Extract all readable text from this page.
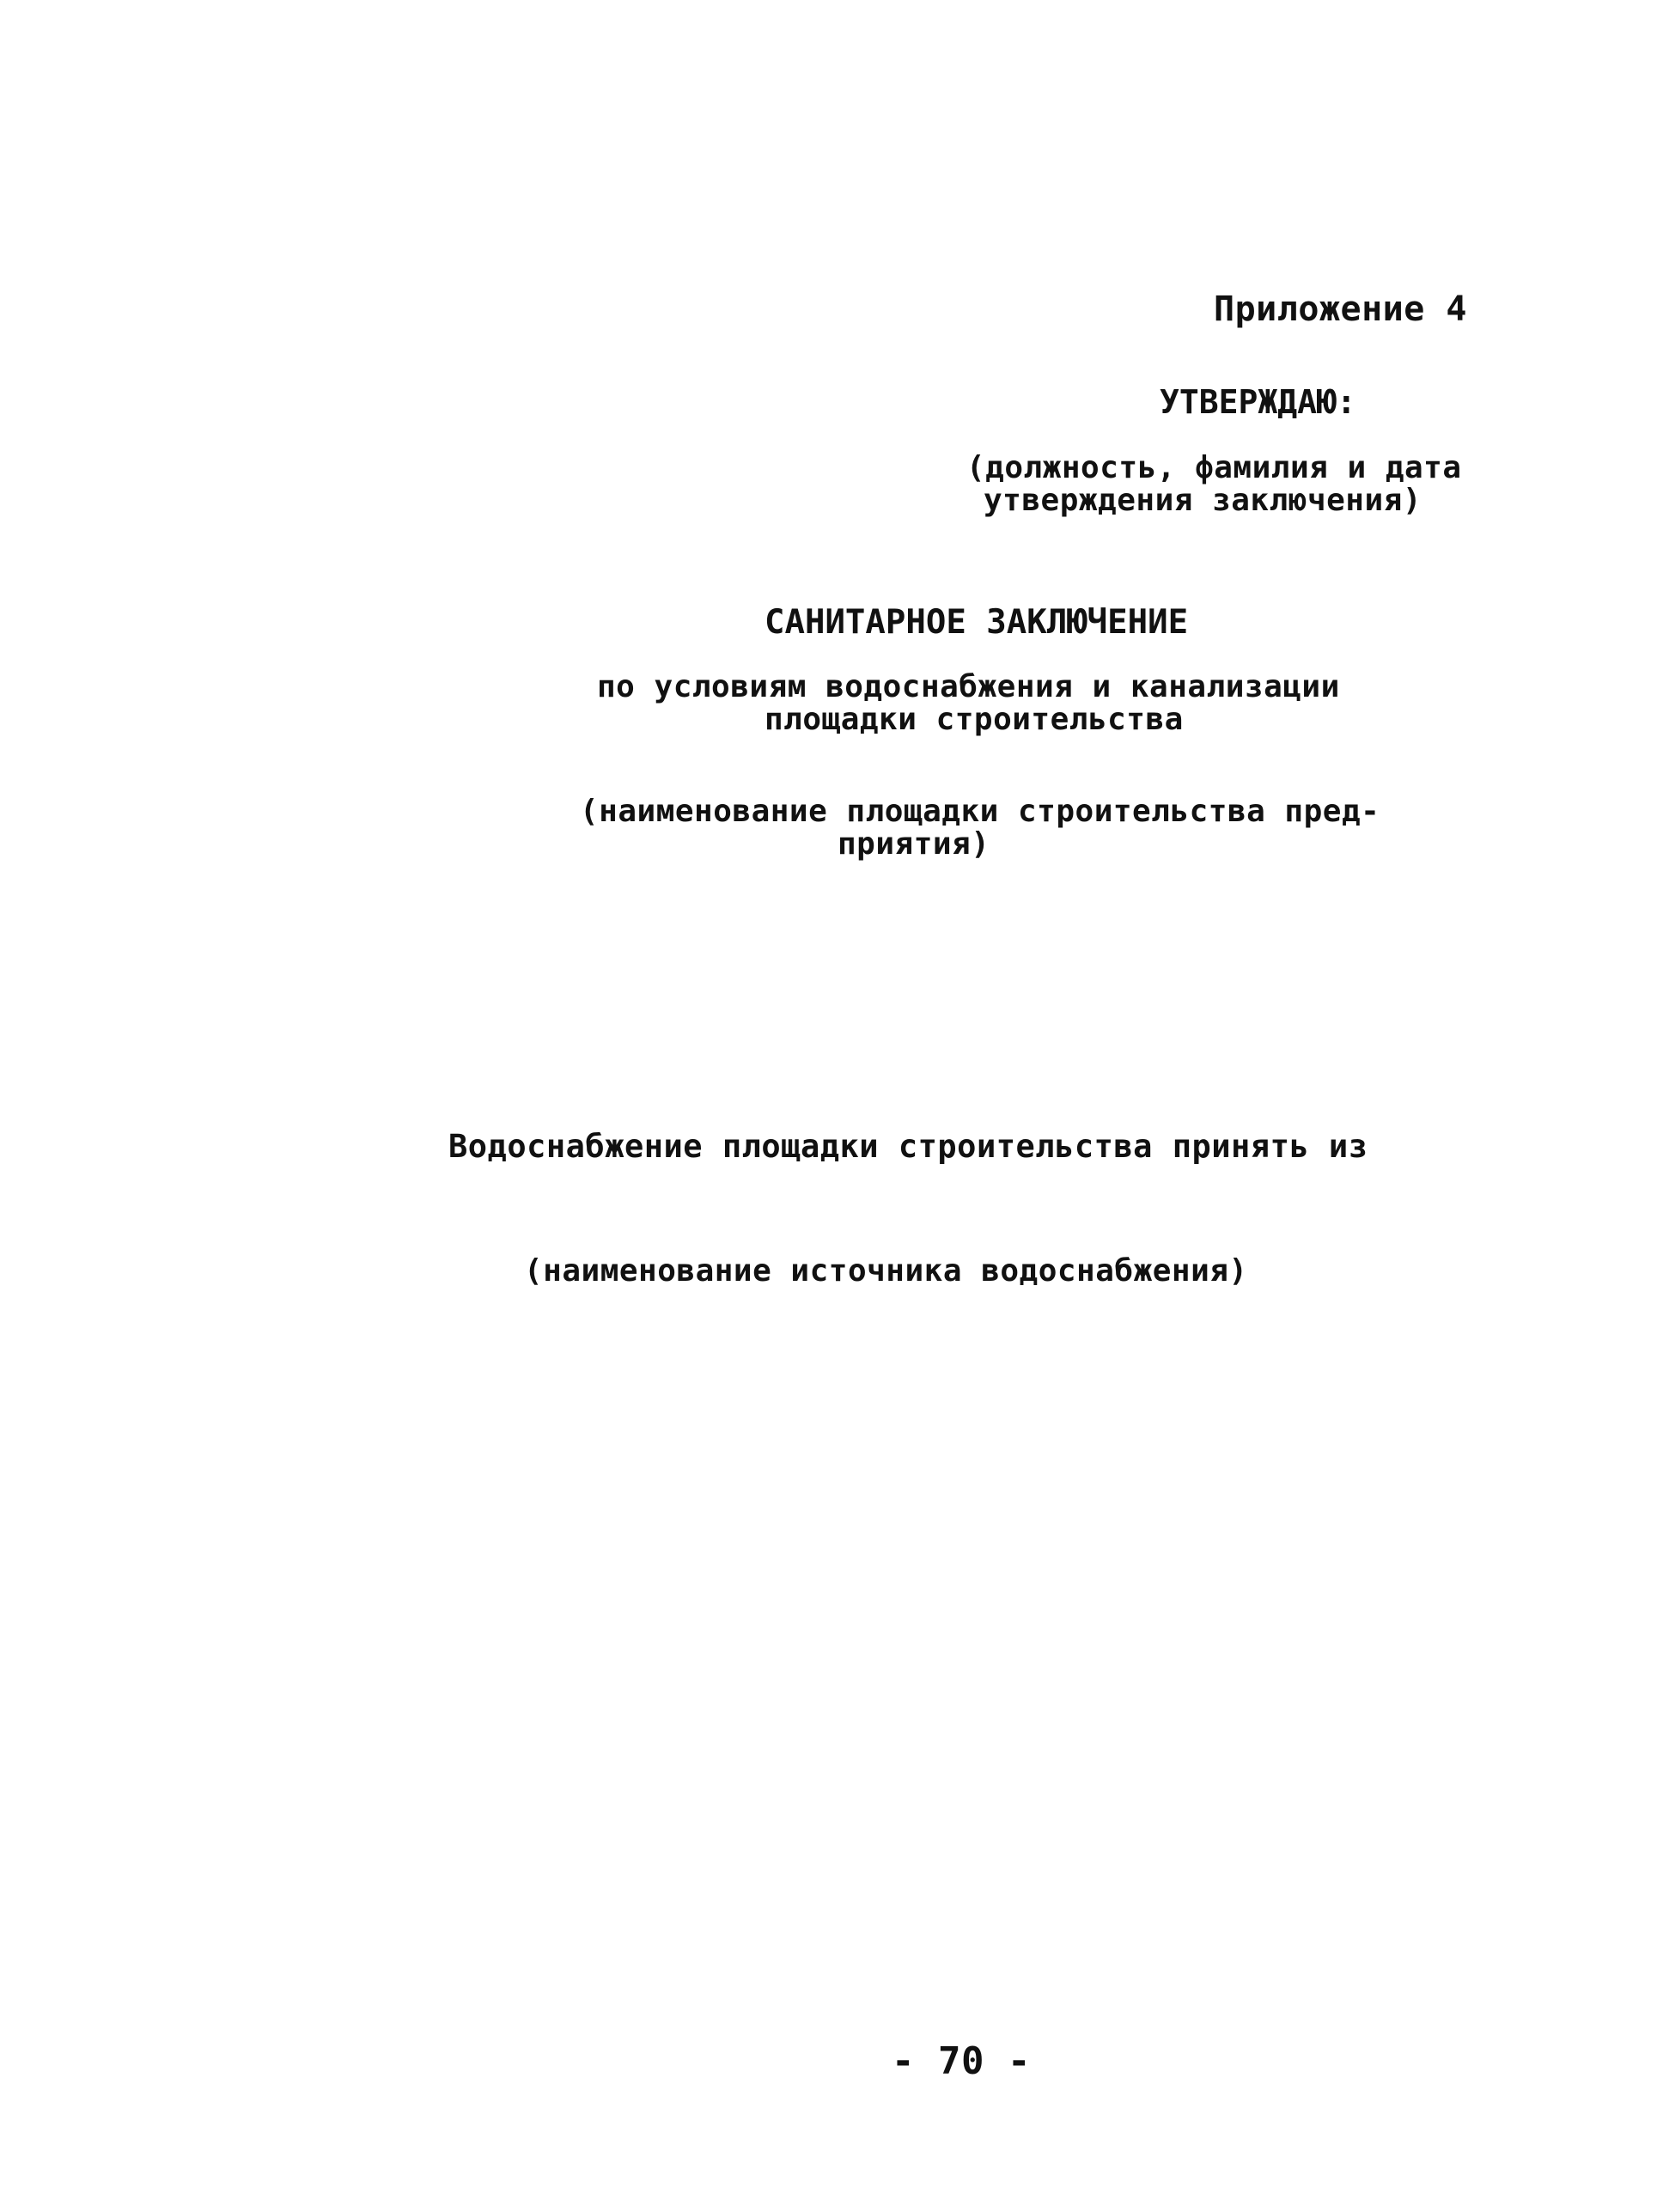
Приложение 4
УТВЕРЖДАЮ:
(должность, фамилия и дата
утверждения заключения)
САНИТАРНОЕ ЗАКЛЮЧЕНИЕ
по условиям водоснабжения и канализации
площадки строительства
(наименование площадки строительства пред-
приятия)
Водоснабжение площадки строительства принять из
(наименование источника водоснабжения)
- 70 -
